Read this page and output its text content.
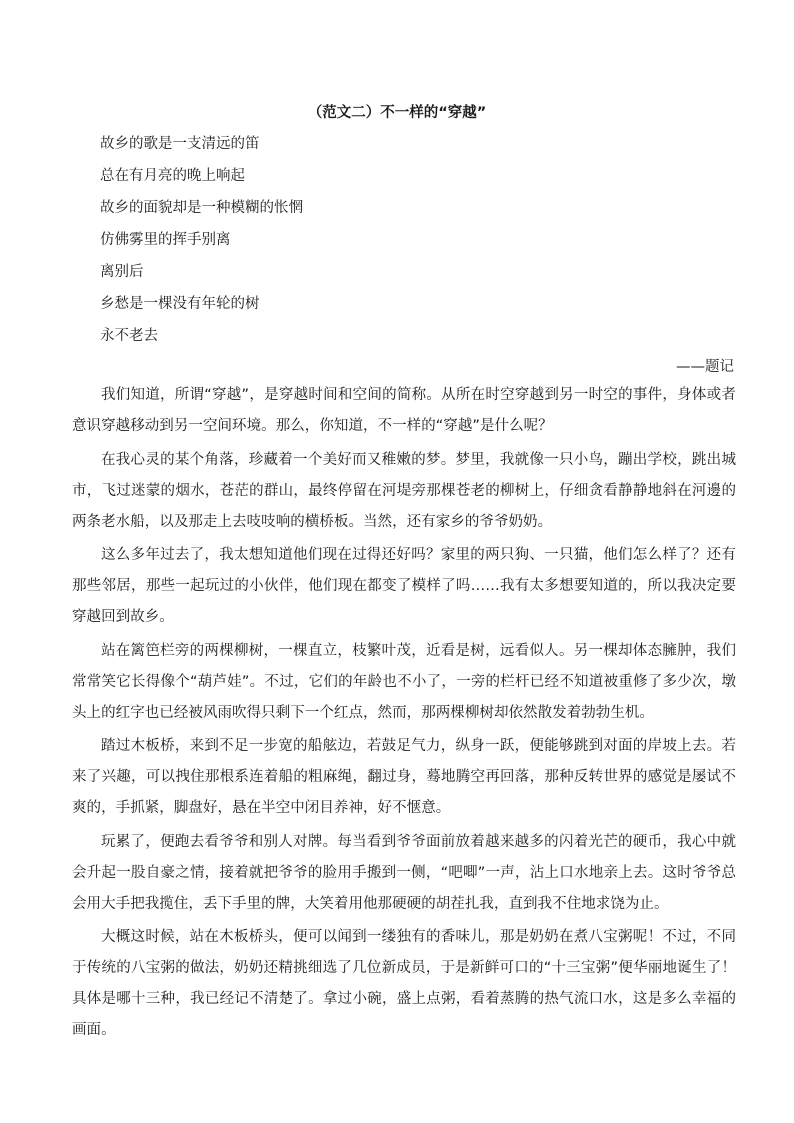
（范文二）不一样的“穿越”
故乡的歌是一支清远的笛
总在有月亮的晚上响起
故乡的面貌却是一种模糊的怅惘
仿佛雾里的挥手别离
离别后
乡愁是一棵没有年轮的树
永不老去
——题记

我们知道，所谓“穿越”，是穿越时间和空间的简称。从所在时空穿越到另一时空的事件，身体或者意识穿越移动到另一空间环境。那么，你知道，不一样的“穿越”是什么呢？

在我心灵的某个角落，珍藏着一个美好而又稚嫩的梦。梦里，我就像一只小鸟，蹦出学校，跳出城市，飞过迷蒙的烟水，苍茫的群山，最终停留在河堤旁那棵苍老的柳树上，仔细贪看静静地斜在河邊的两条老水船，以及那走上去吱吱响的横桥板。当然，还有家乡的爷爷奶奶。

这么多年过去了，我太想知道他们现在过得还好吗？家里的两只狗、一只猫，他们怎么样了？还有那些邻居，那些一起玩过的小伙伴，他们现在都变了模样了吗……我有太多想要知道的，所以我决定要穿越回到故乡。

站在篱笆栏旁的两棵柳树，一棵直立，枝繁叶茂，近看是树，远看似人。另一棵却体态臃肿，我们常常笑它长得像个“葫芦娃”。不过，它们的年龄也不小了，一旁的栏杆已经不知道被重修了多少次，墩头上的红字也已经被风雨吹得只剩下一个红点，然而，那两棵柳树却依然散发着勃勃生机。

踏过木板桥，来到不足一步宽的船舷边，若鼓足气力，纵身一跃，便能够跳到对面的岸坡上去。若来了兴趣，可以拽住那根系连着船的粗麻绳，翻过身，蓦地腾空再回落，那种反转世界的感觉是屡试不爽的，手抓紧，脚盘好，悬在半空中闭目养神，好不惬意。

玩累了，便跑去看爷爷和别人对牌。每当看到爷爷面前放着越来越多的闪着光芒的硬币，我心中就会升起一股自豪之情，接着就把爷爷的脸用手搬到一侧，“吧唧”一声，沾上口水地亲上去。这时爷爷总会用大手把我揽住，丢下手里的牌，大笑着用他那硬硬的胡茬扎我，直到我不住地求饶为止。

大概这时候，站在木板桥头，便可以闻到一缕独有的香味儿，那是奶奶在煮八宝粥呢！不过，不同于传统的八宝粥的做法，奶奶还精挑细选了几位新成员，于是新鲜可口的“十三宝粥”便华丽地诞生了！具体是哪十三种，我已经记不清楚了。拿过小碗，盛上点粥，看着蒸腾的热气流口水，这是多么幸福的画面。
